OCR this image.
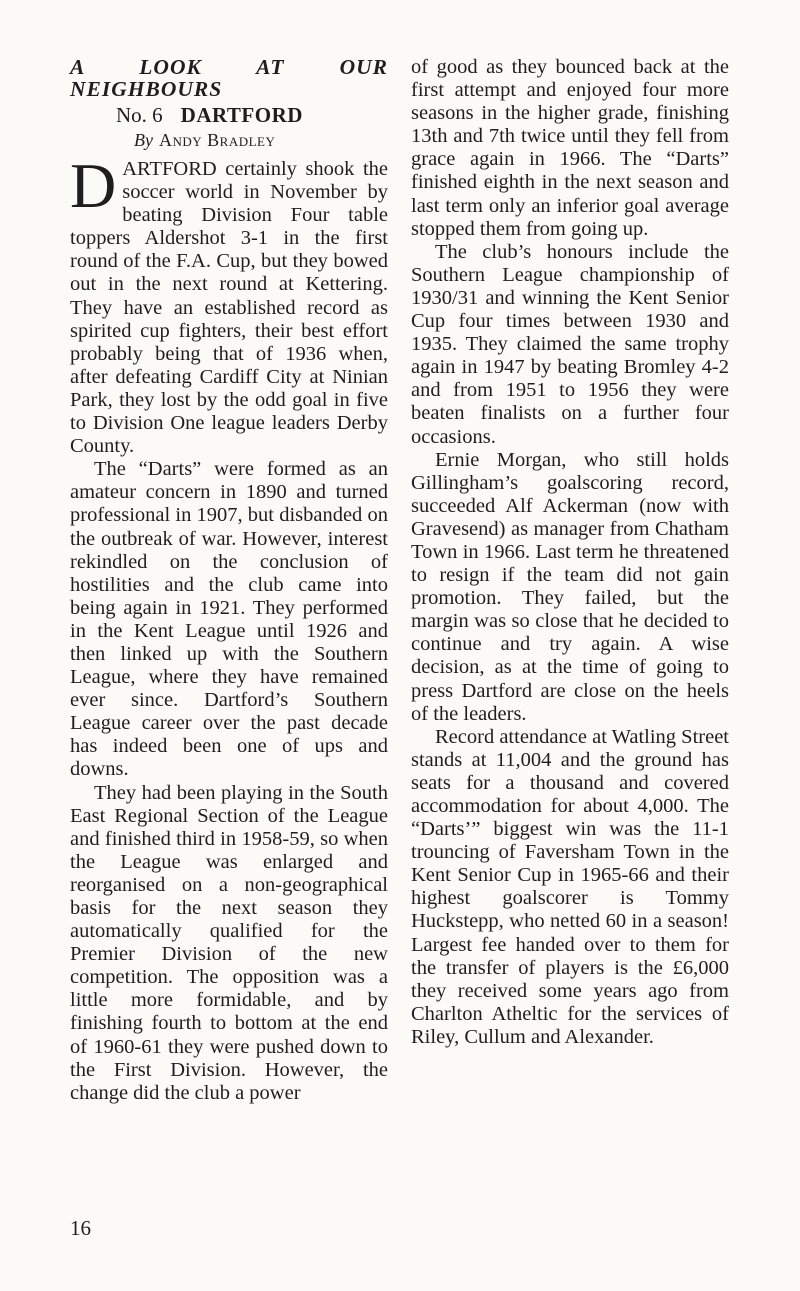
A LOOK AT OUR NEIGHBOURS
No. 6 DARTFORD
By Andy Bradley

DARTFORD certainly shook the soccer world in November by beating Division Four table toppers Aldershot 3-1 in the first round of the F.A. Cup, but they bowed out in the next round at Kettering. They have an established record as spirited cup fighters, their best effort probably being that of 1936 when, after defeating Cardiff City at Ninian Park, they lost by the odd goal in five to Division One league leaders Derby County.

The “Darts” were formed as an amateur concern in 1890 and turned professional in 1907, but disbanded on the outbreak of war. However, interest rekindled on the conclusion of hostilities and the club came into being again in 1921. They performed in the Kent League until 1926 and then linked up with the Southern League, where they have remained ever since. Dartford’s Southern League career over the past decade has indeed been one of ups and downs.

They had been playing in the South East Regional Section of the League and finished third in 1958-59, so when the League was enlarged and reorganised on a non-geographical basis for the next season they automatically qualified for the Premier Division of the new competition. The opposition was a little more formidable, and by finishing fourth to bottom at the end of 1960-61 they were pushed down to the First Division. However, the change did the club a power

of good as they bounced back at the first attempt and enjoyed four more seasons in the higher grade, finishing 13th and 7th twice until they fell from grace again in 1966. The “Darts” finished eighth in the next season and last term only an inferior goal average stopped them from going up.

The club’s honours include the Southern League championship of 1930/31 and winning the Kent Senior Cup four times between 1930 and 1935. They claimed the same trophy again in 1947 by beating Bromley 4-2 and from 1951 to 1956 they were beaten finalists on a further four occasions.

Ernie Morgan, who still holds Gillingham’s goalscoring record, succeeded Alf Ackerman (now with Gravesend) as manager from Chatham Town in 1966. Last term he threatened to resign if the team did not gain promotion. They failed, but the margin was so close that he decided to continue and try again. A wise decision, as at the time of going to press Dartford are close on the heels of the leaders.

Record attendance at Watling Street stands at 11,004 and the ground has seats for a thousand and covered accommodation for about 4,000. The “Darts’” biggest win was the 11-1 trouncing of Faversham Town in the Kent Senior Cup in 1965-66 and their highest goalscorer is Tommy Huckstepp, who netted 60 in a season! Largest fee handed over to them for the transfer of players is the £6,000 they received some years ago from Charlton Atheltic for the services of Riley, Cullum and Alexander.

16
